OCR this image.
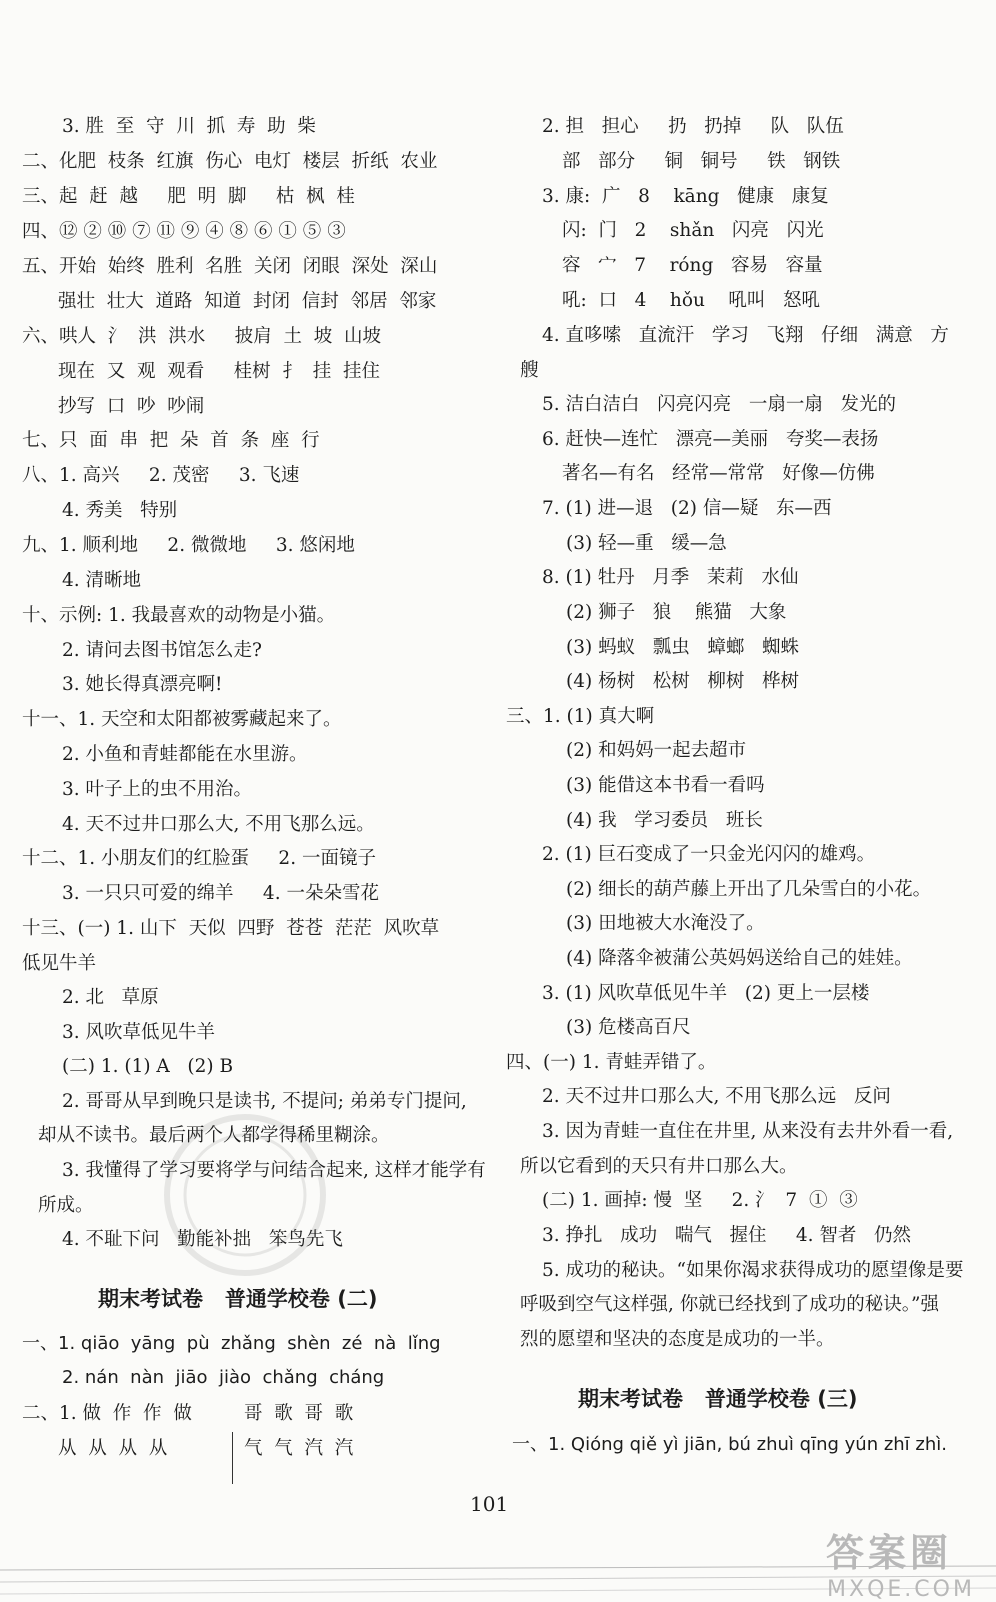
3. 胜  至  守  川  抓  寿  助  柴
二、化肥  枝条  红旗  伤心  电灯  楼层  折纸  农业
三、起  赶  越     肥  明  脚     枯  枫  桂
四、⑫ ② ⑩ ⑦ ⑪ ⑨ ④ ⑧ ⑥ ① ⑤ ③
五、开始  始终  胜利  名胜  关闭  闭眼  深处  深山
强壮  壮大  道路  知道  封闭  信封  邻居  邻家
六、哄人  氵  洪  洪水     披肩  土  坡  山坡
现在  又  观  观看     桂树  扌  挂  挂住
抄写  口  吵  吵闹
七、只  面  串  把  朵  首  条  座  行
八、1. 高兴     2. 茂密     3. 飞速
4. 秀美   特别
九、1. 顺利地     2. 微微地     3. 悠闲地
4. 清晰地
十、示例: 1. 我最喜欢的动物是小猫。
2. 请问去图书馆怎么走?
3. 她长得真漂亮啊!
十一、1. 天空和太阳都被雾藏起来了。
2. 小鱼和青蛙都能在水里游。
3. 叶子上的虫不用治。
4. 天不过井口那么大, 不用飞那么远。
十二、1. 小朋友们的红脸蛋     2. 一面镜子
3. 一只只可爱的绵羊     4. 一朵朵雪花
十三、(一) 1. 山下  天似  四野  苍苍  茫茫  风吹草
低见牛羊
2. 北   草原
3. 风吹草低见牛羊
(二) 1. (1) A   (2) B
2. 哥哥从早到晚只是读书, 不提问; 弟弟专门提问,
却从不读书。最后两个人都学得稀里糊涂。
3. 我懂得了学习要将学与问结合起来, 这样才能学有
所成。
4. 不耻下问   勤能补拙   笨鸟先飞
期末考试卷   普通学校卷 (二)
一、1. qiāo  yāng  pù  zhǎng  shèn  zé  nà  lǐng
2. nán  nàn  jiāo  jiào  chǎng  cháng
二、1. 做  作  作  做
从  从  从  从
哥  歌  哥  歌
气  气  汽  汽
2. 担   担心     扔   扔掉     队   队伍
部   部分     铜   铜号     铁   钢铁
3. 康:  广   8    kāng   健康   康复
闪:  门   2    shǎn   闪亮   闪光
容   宀   7    róng   容易   容量
吼:  口   4    hǒu    吼叫   怒吼
4. 直哆嗦   直流汗   学习   飞翔   仔细   满意   方
艘
5. 洁白洁白   闪亮闪亮   一扇一扇   发光的
6. 赶快—连忙   漂亮—美丽   夸奖—表扬
著名—有名   经常—常常   好像—仿佛
7. (1) 进—退   (2) 信—疑   东—西
(3) 轻—重   缓—急
8. (1) 牡丹   月季   茉莉   水仙
(2) 狮子   狼    熊猫   大象
(3) 蚂蚁   瓢虫   蟑螂   蜘蛛
(4) 杨树   松树   柳树   桦树
三、1. (1) 真大啊
(2) 和妈妈一起去超市
(3) 能借这本书看一看吗
(4) 我   学习委员   班长
2. (1) 巨石变成了一只金光闪闪的雄鸡。
(2) 细长的葫芦藤上开出了几朵雪白的小花。
(3) 田地被大水淹没了。
(4) 降落伞被蒲公英妈妈送给自己的娃娃。
3. (1) 风吹草低见牛羊   (2) 更上一层楼
(3) 危楼高百尺
四、(一) 1. 青蛙弄错了。
2. 天不过井口那么大, 不用飞那么远   反问
3. 因为青蛙一直住在井里, 从来没有去井外看一看,
所以它看到的天只有井口那么大。
(二) 1. 画掉: 慢  坚     2. 氵  7  ①  ③
3. 挣扎   成功   喘气   握住     4. 智者   仍然
5. 成功的秘诀。“如果你渴求获得成功的愿望像是要
呼吸到空气这样强, 你就已经找到了成功的秘诀。”强
烈的愿望和坚决的态度是成功的一半。
期末考试卷   普通学校卷 (三)
一、1. Qióng qiě yì jiān, bú zhuì qīng yún zhī zhì.
101
答案圈
MXQE.COM
